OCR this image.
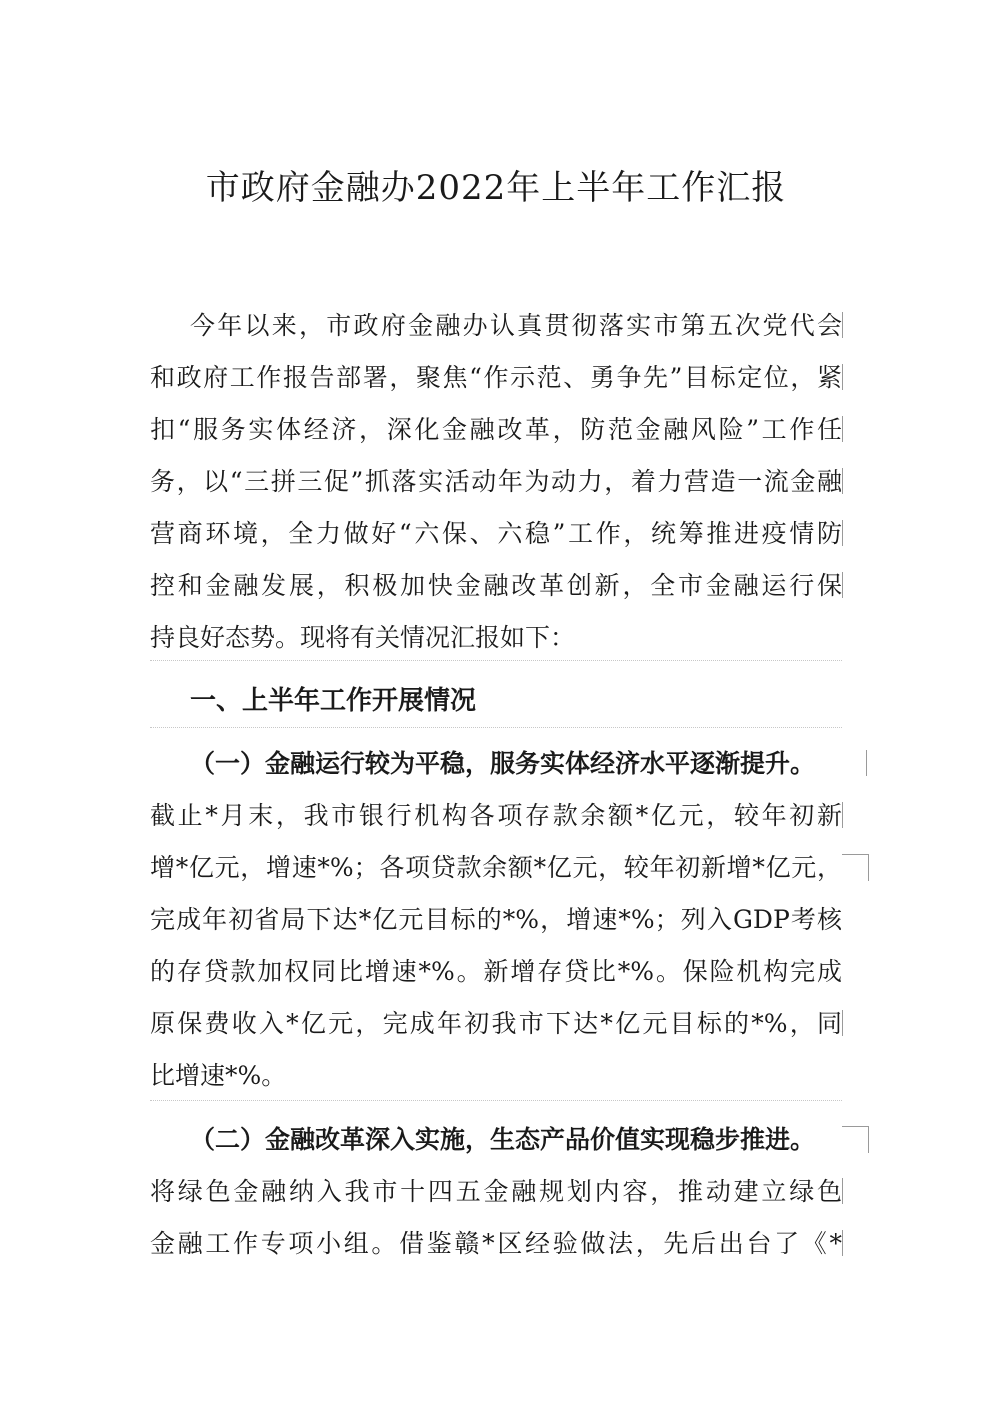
市政府金融办2022年上半年工作汇报
今年以来，市政府金融办认真贯彻落实市第五次党代会
和政府工作报告部署，聚焦“作示范、勇争先”目标定位，紧
扣“服务实体经济，深化金融改革，防范金融风险”工作任
务，以“三拼三促”抓落实活动年为动力，着力营造一流金融
营商环境，全力做好“六保、六稳”工作，统筹推进疫情防
控和金融发展，积极加快金融改革创新，全市金融运行保
持良好态势。现将有关情况汇报如下：
一、上半年工作开展情况
（一）金融运行较为平稳，服务实体经济水平逐渐提升。
截止*月末，我市银行机构各项存款余额*亿元，较年初新
增*亿元，增速*%；各项贷款余额*亿元，较年初新增*亿元，
完成年初省局下达*亿元目标的*%，增速*%；列入GDP考核
的存贷款加权同比增速*%。新增存贷比*%。保险机构完成
原保费收入*亿元，完成年初我市下达*亿元目标的*%，同
比增速*%。
（二）金融改革深入实施，生态产品价值实现稳步推进。
将绿色金融纳入我市十四五金融规划内容，推动建立绿色
金融工作专项小组。借鉴赣*区经验做法，先后出台了《*
